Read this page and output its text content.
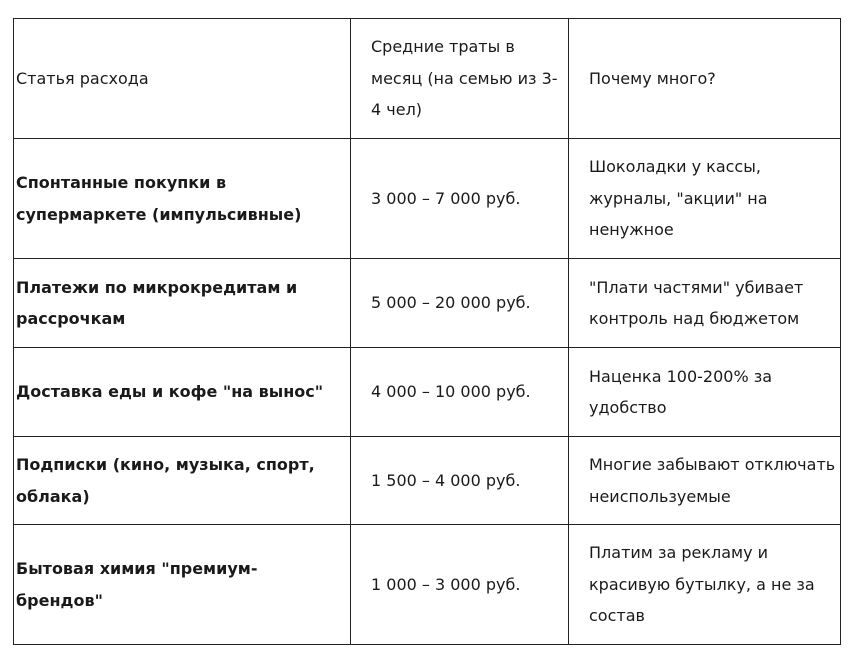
Статья расхода	Средние траты в месяц (на семью из 3-4 чел)	Почему много?
Спонтанные покупки в супермаркете (импульсивные)	3 000 – 7 000 руб.	Шоколадки у кассы, журналы, "акции" на ненужное
Платежи по микрокредитам и рассрочкам	5 000 – 20 000 руб.	"Плати частями" убивает контроль над бюджетом
Доставка еды и кофе "на вынос"	4 000 – 10 000 руб.	Наценка 100-200% за удобство
Подписки (кино, музыка, спорт, облака)	1 500 – 4 000 руб.	Многие забывают отключать неиспользуемые
Бытовая химия "премиум-брендов"	1 000 – 3 000 руб.	Платим за рекламу и красивую бутылку, а не за состав
